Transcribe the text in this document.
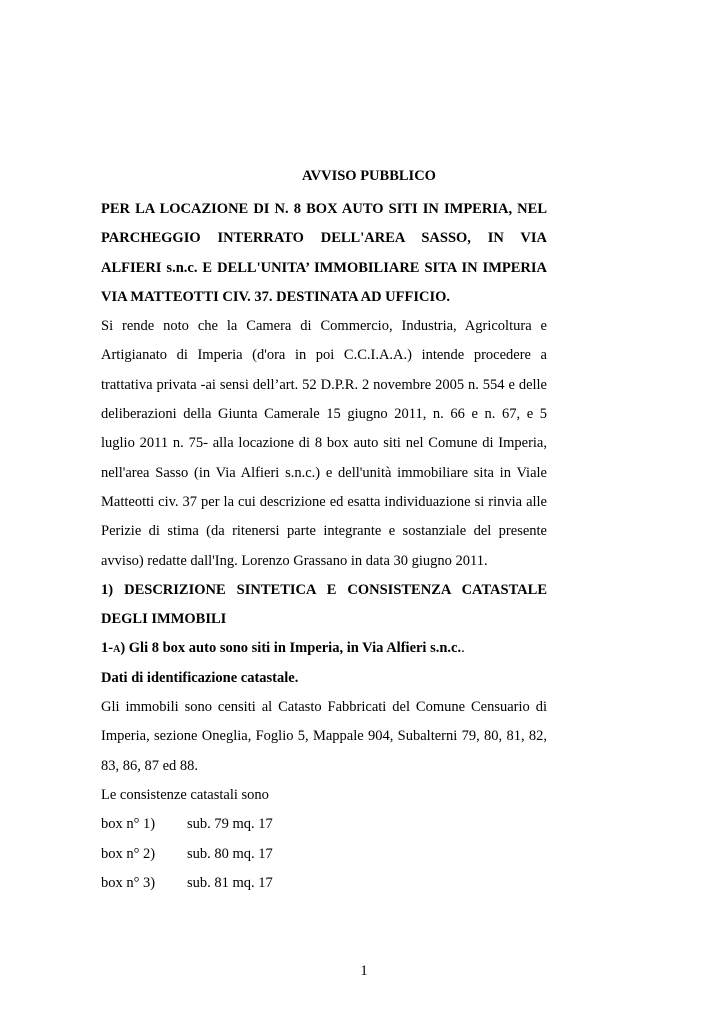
AVVISO PUBBLICO
PER LA LOCAZIONE DI N. 8 BOX AUTO SITI IN IMPERIA, NEL
PARCHEGGIO INTERRATO DELL'AREA SASSO, IN VIA
ALFIERI s.n.c. E DELL'UNITA’ IMMOBILIARE SITA IN IMPERIA
VIA MATTEOTTI CIV. 37. DESTINATA AD UFFICIO.
Si rende noto che la Camera di Commercio, Industria, Agricoltura e
Artigianato di Imperia (d'ora in poi C.C.I.A.A.) intende procedere a
trattativa privata -ai sensi dell’art. 52 D.P.R. 2 novembre 2005 n. 554 e delle
deliberazioni della Giunta Camerale 15 giugno 2011, n. 66 e n. 67, e 5
luglio 2011 n. 75- alla locazione di 8 box auto siti nel Comune di Imperia,
nell'area Sasso (in Via Alfieri s.n.c.) e dell'unità immobiliare sita in Viale
Matteotti civ. 37 per la cui descrizione ed esatta individuazione si rinvia alle
Perizie di stima (da ritenersi parte integrante e sostanziale del presente
avviso) redatte dall'Ing. Lorenzo Grassano in data 30 giugno 2011.
1) DESCRIZIONE SINTETICA E CONSISTENZA CATASTALE
DEGLI IMMOBILI
1-A) Gli 8 box auto sono siti in Imperia, in Via Alfieri s.n.c..
Dati di identificazione catastale.
Gli immobili sono censiti al Catasto Fabbricati del Comune Censuario di
Imperia, sezione Oneglia, Foglio 5, Mappale 904, Subalterni 79, 80, 81, 82,
83, 86, 87 ed 88.
Le consistenze catastali sono
box n° 1) sub. 79 mq. 17
box n° 2) sub. 80 mq. 17
box n° 3) sub. 81 mq. 17
1
